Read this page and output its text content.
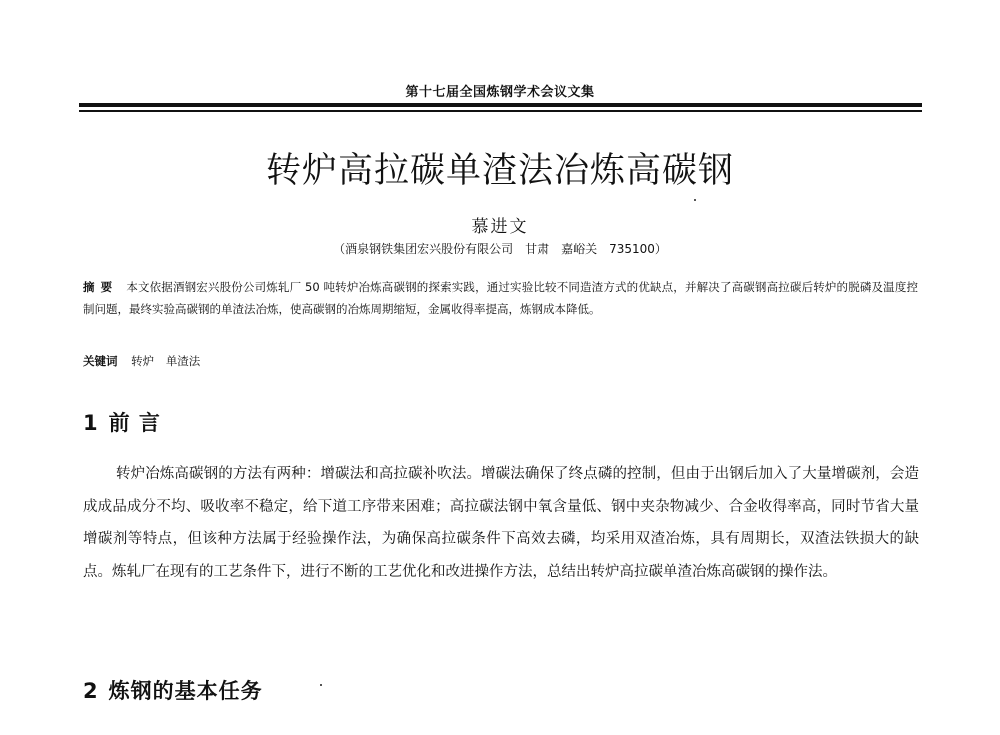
第十七届全国炼钢学术会议文集
转炉高拉碳单渣法冶炼高碳钢
慕进文
（酒泉钢铁集团宏兴股份有限公司　甘肃　嘉峪关　735100）
摘要 本文依据酒钢宏兴股份公司炼轧厂 50 吨转炉冶炼高碳钢的探索实践，通过实验比较不同造渣方式的优缺点，并解决了高碳钢高拉碳后转炉的脱磷及温度控制问题，最终实验高碳钢的单渣法冶炼，使高碳钢的冶炼周期缩短，金属收得率提高，炼钢成本降低。
关键词 转炉 单渣法
1 前 言
转炉冶炼高碳钢的方法有两种：增碳法和高拉碳补吹法。增碳法确保了终点磷的控制，但由于出钢后加入了大量增碳剂，会造成成品成分不均、吸收率不稳定，给下道工序带来困难；高拉碳法钢中氧含量低、钢中夹杂物减少、合金收得率高，同时节省大量增碳剂等特点，但该种方法属于经验操作法，为确保高拉碳条件下高效去磷，均采用双渣冶炼，具有周期长，双渣法铁损大的缺点。炼轧厂在现有的工艺条件下，进行不断的工艺优化和改进操作方法，总结出转炉高拉碳单渣冶炼高碳钢的操作法。
2 炼钢的基本任务
